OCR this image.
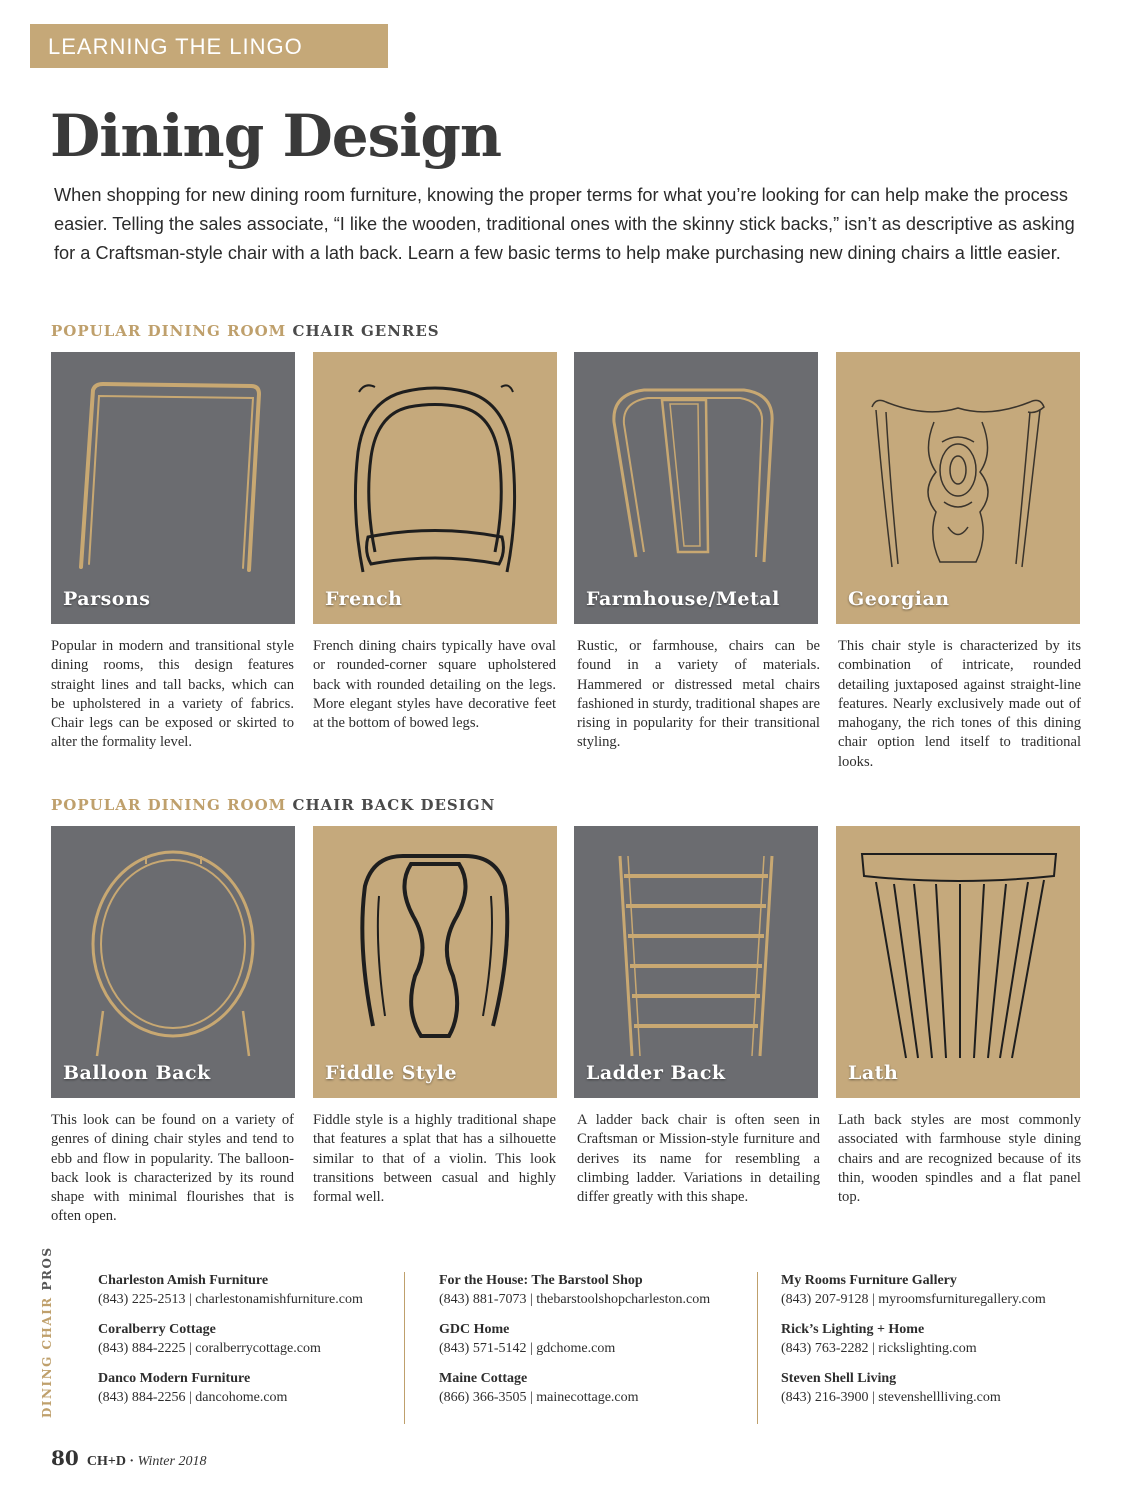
LEARNING THE LINGO
Dining Design

When shopping for new dining room furniture, knowing the proper terms for what you’re looking for can help make the process easier. Telling the sales associate, “I like the wooden, traditional ones with the skinny stick backs,” isn’t as descriptive as asking for a Craftsman-style chair with a lath back. Learn a few basic terms to help make purchasing new dining chairs a little easier.

POPULAR DINING ROOM CHAIR GENRES
Parsons	French	Farmhouse/Metal	Georgian

Popular in modern and transitional style dining rooms, this design features straight lines and tall backs, which can be upholstered in a variety of fabrics. Chair legs can be exposed or skirted to alter the formality level.

French dining chairs typically have oval or rounded-corner square upholstered back with rounded detailing on the legs. More elegant styles have decorative feet at the bottom of bowed legs.

Rustic, or farmhouse, chairs can be found in a variety of materials. Hammered or distressed metal chairs fashioned in sturdy, traditional shapes are rising in popularity for their transitional styling.

This chair style is characterized by its combination of intricate, rounded detailing juxtaposed against straight-line features. Nearly exclusively made out of mahogany, the rich tones of this dining chair option lend itself to traditional looks.

POPULAR DINING ROOM CHAIR BACK DESIGN
Balloon Back	Fiddle Style	Ladder Back	Lath

This look can be found on a variety of genres of dining chair styles and tend to ebb and flow in popularity. The balloon-back look is characterized by its round shape with minimal flourishes that is often open.

Fiddle style is a highly traditional shape that features a splat that has a silhouette similar to that of a violin. This look transitions between casual and highly formal well.

A ladder back chair is often seen in Craftsman or Mission-style furniture and derives its name for resembling a climbing ladder. Variations in detailing differ greatly with this shape.

Lath back styles are most commonly associated with farmhouse style dining chairs and are recognized because of its thin, wooden spindles and a flat panel top.

DINING CHAIR PROS	Charleston Amish Furniture
(843) 225-2513 | charlestonamishfurniture.com
Coralberry Cottage
(843) 884-2225 | coralberrycottage.com
Danco Modern Furniture
(843) 884-2256 | dancohome.com
For the House: The Barstool Shop
(843) 881-7073 | thebarstoolshopcharleston.com
GDC Home
(843) 571-5142 | gdchome.com
Maine Cottage
(866) 366-3505 | mainecottage.com
My Rooms Furniture Gallery
(843) 207-9128 | myroomsfurnituregallery.com
Rick’s Lighting + Home
(843) 763-2282 | rickslighting.com
Steven Shell Living
(843) 216-3900 | stevenshellliving.com
80 CH+D · Winter 2018
